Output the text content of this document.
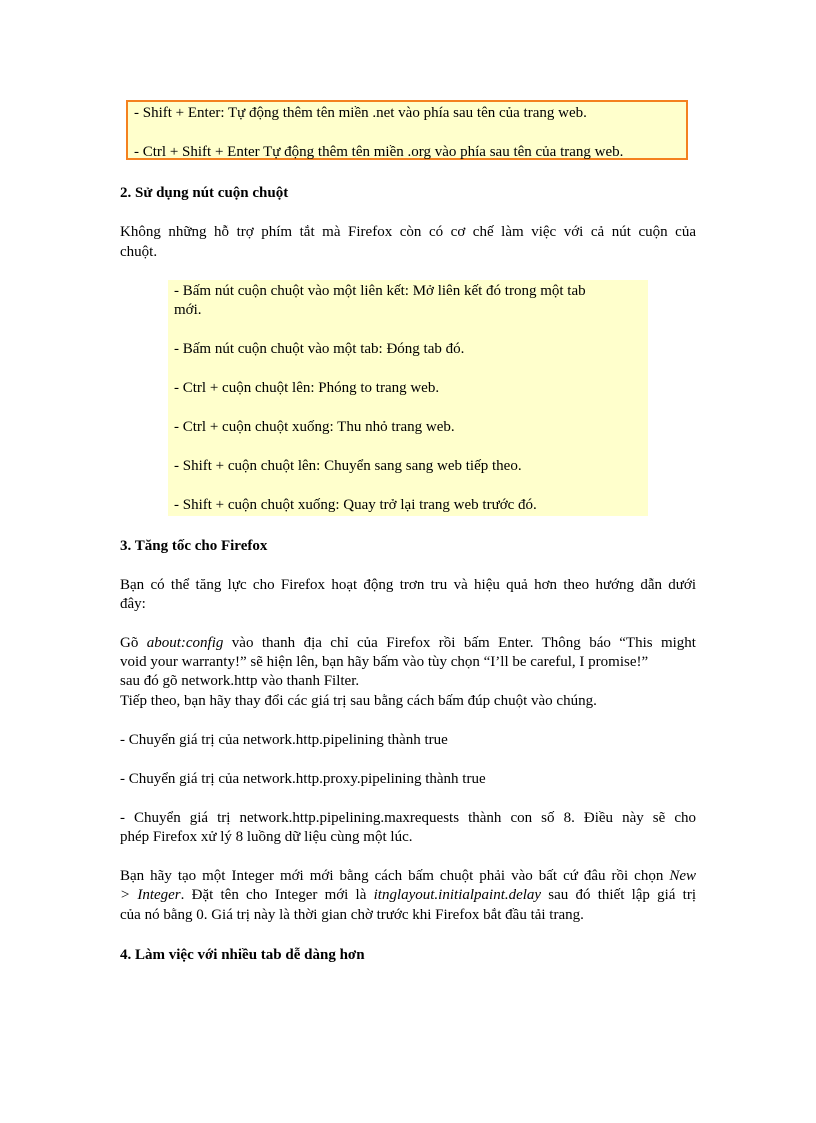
- Shift + Enter: Tự động thêm tên miền .net vào phía sau tên của trang web.
- Ctrl + Shift + Enter Tự động thêm tên miền .org vào phía sau tên của trang web.
2. Sử dụng nút cuộn chuột
Không những hỗ trợ phím tắt mà Firefox còn có cơ chế làm việc với cả nút cuộn của
chuột.
- Bấm nút cuộn chuột vào một liên kết: Mở liên kết đó trong một tab
mới.
- Bấm nút cuộn chuột vào một tab: Đóng tab đó.
- Ctrl + cuộn chuột lên: Phóng to trang web.
- Ctrl + cuộn chuột xuống: Thu nhỏ trang web.
- Shift + cuộn chuột lên: Chuyển sang sang web tiếp theo.
- Shift + cuộn chuột xuống: Quay trở lại trang web trước đó.
3. Tăng tốc cho Firefox
Bạn có thể tăng lực cho Firefox hoạt động trơn tru và hiệu quả hơn theo hướng dẫn dưới
đây:
Gõ about:config vào thanh địa chỉ của Firefox rồi bấm Enter. Thông báo “This might
void your warranty!” sẽ hiện lên, bạn hãy bấm vào tùy chọn “I’ll be careful, I promise!”
sau đó gõ network.http vào thanh Filter.
Tiếp theo, bạn hãy thay đổi các giá trị sau bằng cách bấm đúp chuột vào chúng.
- Chuyển giá trị của network.http.pipelining thành true
- Chuyển giá trị của network.http.proxy.pipelining thành true
- Chuyển giá trị network.http.pipelining.maxrequests thành con số 8. Điều này sẽ cho
phép Firefox xử lý 8 luồng dữ liệu cùng một lúc.
Bạn hãy tạo một Integer mới mới bằng cách bấm chuột phải vào bất cứ đâu rồi chọn New
> Integer. Đặt tên cho Integer mới là itnglayout.initialpaint.delay sau đó thiết lập giá trị
của nó bằng 0. Giá trị này là thời gian chờ trước khi Firefox bắt đầu tải trang.
4. Làm việc với nhiều tab dễ dàng hơn
